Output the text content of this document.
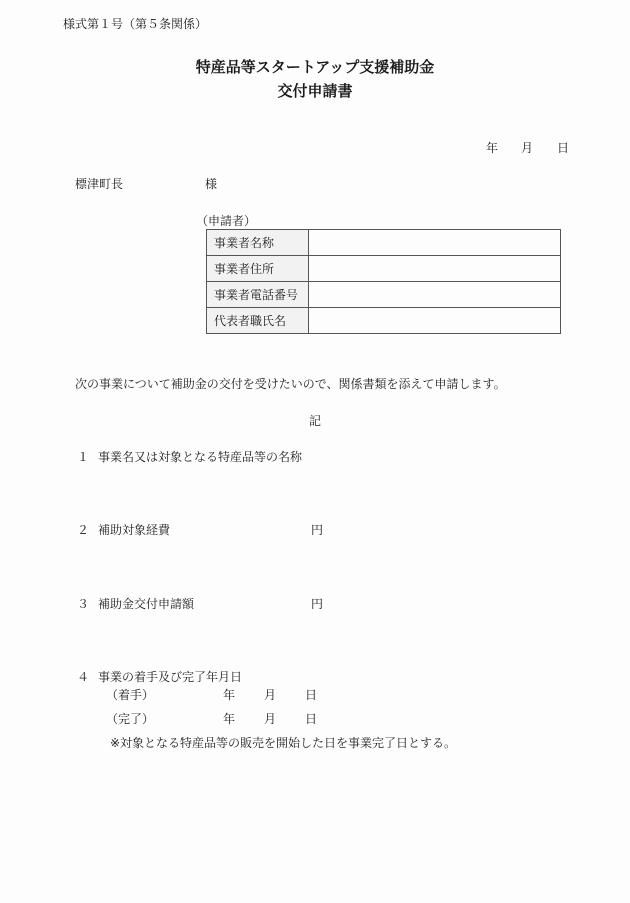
様式第１号（第５条関係）
特産品等スタートアップ支援補助金
交付申請書
年 月 日
標津町長	様
（申請者）
事業者名称	
事業者住所	
事業者電話番号	
代表者職氏名	
次の事業について補助金の交付を受けたいので、関係書類を添えて申請します。
記
１ 事業名又は対象となる特産品等の名称
２ 補助対象経費	円
３ 補助金交付申請額	円
４ 事業の着手及び完了年月日
（着手）	年 月 日
（完了）	年 月 日
※対象となる特産品等の販売を開始した日を事業完了日とする。
